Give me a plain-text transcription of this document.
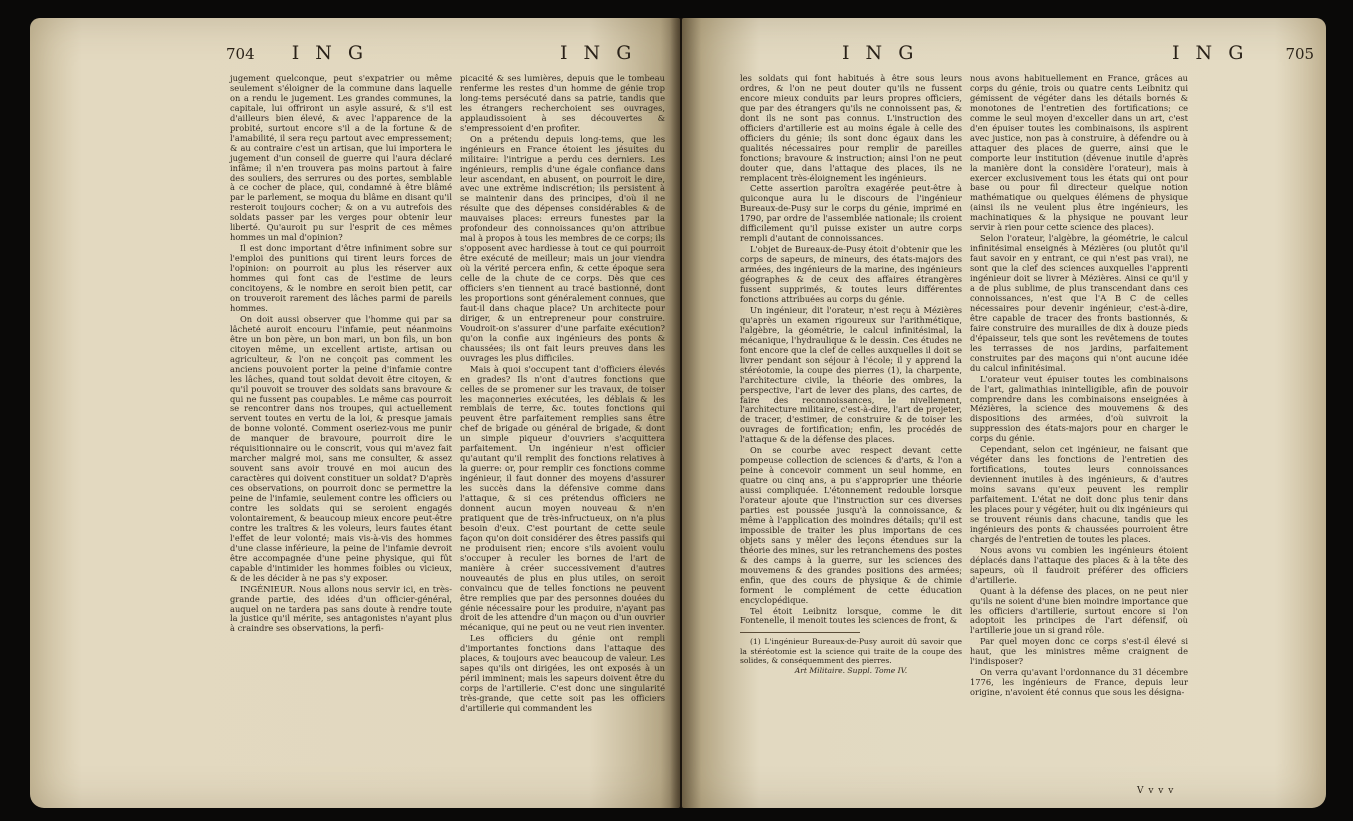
704 I N G	I N G

jugement quelconque, peut s'expatrier ou même seulement s'éloigner de la commune dans laquelle on a rendu le jugement. Les grandes communes, la capitale, lui offriront un asyle assuré, & s'il est d'ailleurs bien élevé, & avec l'apparence de la probité, surtout encore s'il a de la fortune & de l'amabilité, il sera reçu partout avec empressement; & au contraire c'est un artisan, que lui importera le jugement d'un conseil de guerre qui l'aura déclaré infâme; il n'en trouvera pas moins partout à faire des souliers, des serrures ou des portes, semblable à ce cocher de place, qui, condamné à être blâmé par le parlement, se moqua du blâme en disant qu'il resteroit toujours cocher; & on a vu autrefois des soldats passer par les verges pour obtenir leur liberté. Qu'auroit pu sur l'esprit de ces mêmes hommes un mal d'opinion?

Il est donc important d'être infiniment sobre sur l'emploi des punitions qui tirent leurs forces de l'opinion: on pourroit au plus les réserver aux hommes qui font cas de l'estime de leurs concitoyens, & le nombre en seroit bien petit, car on trouveroit rarement des lâches parmi de pareils hommes.

On doit aussi observer que l'homme qui par sa lâcheté auroit encouru l'infamie, peut néanmoins être un bon père, un bon mari, un bon fils, un bon citoyen même, un excellent artiste, artisan ou agriculteur, & l'on ne conçoit pas comment les anciens pouvoient porter la peine d'infamie contre les lâches, quand tout soldat devoit être citoyen, & qu'il pouvoit se trouver des soldats sans bravoure & qui ne fussent pas coupables. Le même cas pourroit se rencontrer dans nos troupes, qui actuellement servent toutes en vertu de la loi, & presque jamais de bonne volonté. Comment oseriez-vous me punir de manquer de bravoure, pourroit dire le réquisitionnaire ou le conscrit, vous qui m'avez fait marcher malgré moi, sans me consulter, & assez souvent sans avoir trouvé en moi aucun des caractères qui doivent constituer un soldat? D'après ces observations, on pourroit donc se permettre la peine de l'infamie, seulement contre les officiers ou contre les soldats qui se seroient engagés volontairement, & beaucoup mieux encore peut-être contre les traîtres & les voleurs, leurs fautes étant l'effet de leur volonté; mais vis-à-vis des hommes d'une classe inférieure, la peine de l'infamie devroit être accompagnée d'une peine physique, qui fût capable d'intimider les hommes foibles ou vicieux, & de les décider à ne pas s'y exposer.

INGÉNIEUR. Nous allons nous servir ici, en très-grande partie, des idées d'un officier-général, auquel on ne tardera pas sans doute à rendre toute la justice qu'il mérite, ses antagonistes n'ayant plus à craindre ses observations, la perfi-

picacité & ses lumières, depuis que le tombeau renferme les restes d'un homme de génie trop long-tems persécuté dans sa patrie, tandis que les étrangers recherchoient ses ouvrages, applaudissoient à ses découvertes & s'empressoient d'en profiter.

On a prétendu depuis long-tems, que les ingénieurs en France étoient les jésuites du militaire: l'intrigue a perdu ces derniers. Les ingénieurs, remplis d'une égale confiance dans leur ascendant, en abusent, on pourroit le dire, avec une extrême indiscrétion; ils persistent à se maintenir dans des principes, d'où il ne résulte que des dépenses considérables & de mauvaises places: erreurs funestes par la profondeur des connoissances qu'on attribue mal à propos à tous les membres de ce corps; ils s'opposent avec hardiesse à tout ce qui pourroit être exécuté de meilleur; mais un jour viendra où la vérité percera enfin, & cette époque sera celle de la chute de ce corps. Dès que ces officiers s'en tiennent au tracé bastionné, dont les proportions sont généralement connues, que faut-il dans chaque place? Un architecte pour diriger, & un entrepreneur pour construire. Voudroit-on s'assurer d'une parfaite exécution? qu'on la confie aux ingénieurs des ponts & chaussées; ils ont fait leurs preuves dans les ouvrages les plus difficiles.

Mais à quoi s'occupent tant d'officiers élevés en grades? Ils n'ont d'autres fonctions que celles de se promener sur les travaux, de toiser les maçonneries exécutées, les déblais & les remblais de terre, &c. toutes fonctions qui peuvent être parfaitement remplies sans être chef de brigade ou général de brigade, & dont un simple piqueur d'ouvriers s'acquittera parfaitement. Un ingénieur n'est officier qu'autant qu'il remplit des fonctions relatives à la guerre: or, pour remplir ces fonctions comme ingénieur, il faut donner des moyens d'assurer les succès dans la défensive comme dans l'attaque, & si ces prétendus officiers ne donnent aucun moyen nouveau & n'en pratiquent que de très-infructueux, on n'a plus besoin d'eux. C'est pourtant de cette seule façon qu'on doit considérer des êtres passifs qui ne produisent rien; encore s'ils avoient voulu s'occuper à reculer les bornes de l'art de manière à créer successivement d'autres nouveautés de plus en plus utiles, on seroit convaincu que de telles fonctions ne peuvent être remplies que par des personnes douées du génie nécessaire pour les produire, n'ayant pas droit de les attendre d'un maçon ou d'un ouvrier mécanique, qui ne peut ou ne veut rien inventer.

Les officiers du génie ont rempli d'importantes fonctions dans l'attaque des places, & toujours avec beaucoup de valeur. Les sapes qu'ils ont dirigées, les ont exposés à un péril imminent; mais les sapeurs doivent être du corps de l'artillerie. C'est donc une singularité très-grande, que cette soit pas les officiers d'artillerie qui commandent les

I N G	I N G 705

les soldats qui font habitués à être sous leurs ordres, & l'on ne peut douter qu'ils ne fussent encore mieux conduits par leurs propres officiers, que par des étrangers qu'ils ne connoissent pas, & dont ils ne sont pas connus. L'instruction des officiers d'artillerie est au moins égale à celle des officiers du génie; ils sont donc égaux dans les qualités nécessaires pour remplir de pareilles fonctions; bravoure & instruction; ainsi l'on ne peut douter que, dans l'attaque des places, ils ne remplacent très-éloignement les ingénieurs.

Cette assertion paroîtra exagérée peut-être à quiconque aura lu le discours de l'ingénieur Bureaux-de-Pusy sur le corps du génie, imprimé en 1790, par ordre de l'assemblée nationale; ils croient difficilement qu'il puisse exister un autre corps rempli d'autant de connoissances.

L'objet de Bureaux-de-Pusy étoit d'obtenir que les corps de sapeurs, de mineurs, des états-majors des armées, des ingénieurs de la marine, des ingénieurs géographes & de ceux des affaires étrangères fussent supprimés, & toutes leurs différentes fonctions attribuées au corps du génie.

Un ingénieur, dit l'orateur, n'est reçu à Mézières qu'après un examen rigoureux sur l'arithmétique, l'algèbre, la géométrie, le calcul infinitésimal, la mécanique, l'hydraulique & le dessin. Ces études ne font encore que la clef de celles auxquelles il doit se livrer pendant son séjour à l'école; il y apprend la stéréotomie, la coupe des pierres (1), la charpente, l'architecture civile, la théorie des ombres, la perspective, l'art de lever des plans, des cartes, de faire des reconnoissances, le nivellement, l'architecture militaire, c'est-à-dire, l'art de projeter, de tracer, d'estimer, de construire & de toiser les ouvrages de fortification; enfin, les procédés de l'attaque & de la défense des places.

On se courbe avec respect devant cette pompeuse collection de sciences & d'arts, & l'on a peine à concevoir comment un seul homme, en quatre ou cinq ans, a pu s'approprier une théorie aussi compliquée. L'étonnement redouble lorsque l'orateur ajoute que l'instruction sur ces diverses parties est poussée jusqu'à la connoissance, & même à l'application des moindres détails; qu'il est impossible de traiter les plus importans de ces objets sans y mêler des leçons étendues sur la théorie des mines, sur les retranchemens des postes & des camps à la guerre, sur les sciences des mouvemens & des grandes positions des armées; enfin, que des cours de physique & de chimie forment le complément de cette éducation encyclopédique.

Tel étoit Leibnitz lorsque, comme le dit Fontenelle, il menoit toutes les sciences de front, &

(1) L'ingénieur Bureaux-de-Pusy auroit dû savoir que la stéréotomie est la science qui traite de la coupe des solides, & conséquemment des pierres.

Art Militaire. Suppl. Tome IV.

nous avons habituellement en France, grâces au corps du génie, trois ou quatre cents Leibnitz qui gémissent de végéter dans les détails bornés & monotones de l'entretien des fortifications; ce comme le seul moyen d'exceller dans un art, c'est d'en épuiser toutes les combinaisons, ils aspirent avec justice, non pas à construire, à défendre ou à attaquer des places de guerre, ainsi que le comporte leur institution (dévenue inutile d'après la manière dont la considère l'orateur), mais à exercer exclusivement tous les états qui ont pour base ou pour fil directeur quelque notion mathématique ou quelques élémens de physique (ainsi ils ne veulent plus être ingénieurs, les machinatiques & la physique ne pouvant leur servir à rien pour cette science des places).

Selon l'orateur, l'algèbre, la géométrie, le calcul infinitésimal enseignés à Mézières (ou plutôt qu'il faut savoir en y entrant, ce qui n'est pas vrai), ne sont que la clef des sciences auxquelles l'apprenti ingénieur doit se livrer à Mézières. Ainsi ce qu'il y a de plus sublime, de plus transcendant dans ces connoissances, n'est que l'A B C de celles nécessaires pour devenir ingénieur, c'est-à-dire, être capable de tracer des fronts bastionnés, & faire construire des murailles de dix à douze pieds d'épaisseur, tels que sont les revêtemens de toutes les terrasses de nos jardins, parfaitement construites par des maçons qui n'ont aucune idée du calcul infinitésimal.

L'orateur veut épuiser toutes les combinaisons de l'art, galimathias inintelligible, afin de pouvoir comprendre dans les combinaisons enseignées à Mézières, la science des mouvemens & des dispositions des armées, d'où suivroit la suppression des états-majors pour en charger le corps du génie.

Cependant, selon cet ingénieur, ne faisant que végéter dans les fonctions de l'entretien des fortifications, toutes leurs connoissances deviennent inutiles à des ingénieurs, & d'autres moins savans qu'eux peuvent les remplir parfaitement. L'état ne doit donc plus tenir dans les places pour y végéter, huit ou dix ingénieurs qui se trouvent réunis dans chacune, tandis que les ingénieurs des ponts & chaussées pourroient être chargés de l'entretien de toutes les places.

Nous avons vu combien les ingénieurs étoient déplacés dans l'attaque des places & à la tête des sapeurs, où il faudroit préférer des officiers d'artillerie.

Quant à la défense des places, on ne peut nier qu'ils ne soient d'une bien moindre importance que les officiers d'artillerie, surtout encore si l'on adoptoit les principes de l'art défensif, où l'artillerie joue un si grand rôle.

Par quel moyen donc ce corps s'est-il élevé si haut, que les ministres même craignent de l'indisposer?

On verra qu'avant l'ordonnance du 31 décembre 1776, les ingénieurs de France, depuis leur origine, n'avoient été connus que sous les désigna-

V v v v
